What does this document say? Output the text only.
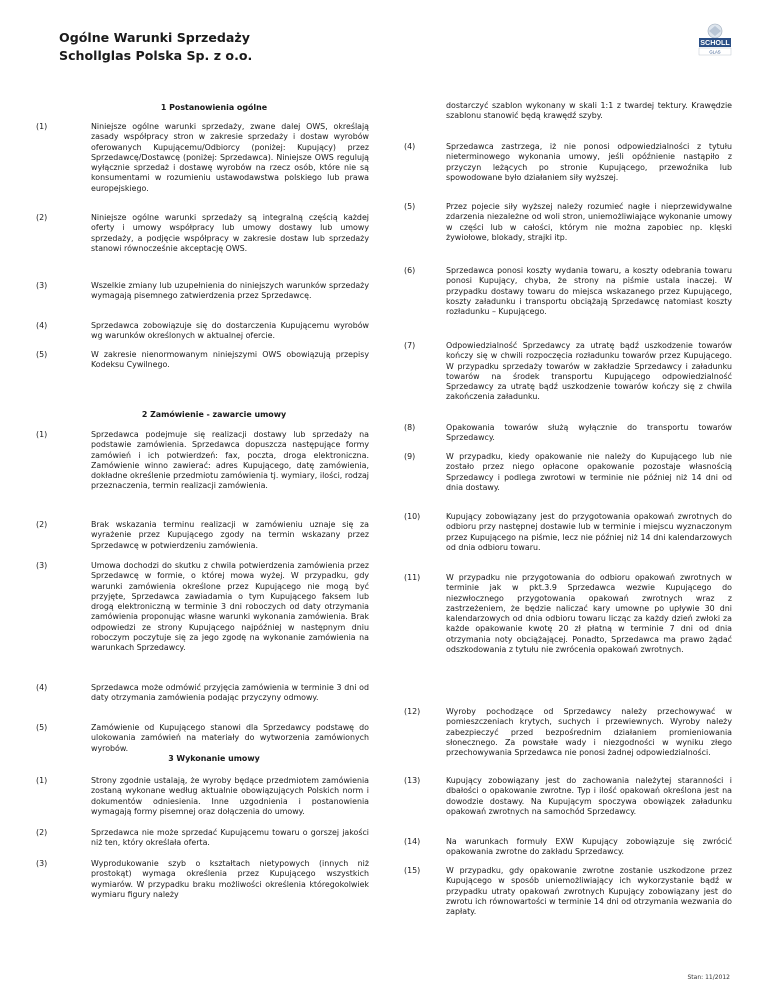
Ogólne Warunki Sprzedaży
Schollglas Polska Sp. z o.o.
SCHOLL
GLAS
1 Postanowienia ogólne
2 Zamówienie - zawarcie umowy
3 Wykonanie umowy
(1)	Niniejsze ogólne warunki sprzedaży, zwane dalej OWS, określają zasady współpracy stron w zakresie sprzedaży i dostaw wyrobów oferowanych Kupującemu/Odbiorcy (poniżej: Kupujący) przez Sprzedawcę/Dostawcę (poniżej: Sprzedawca). Niniejsze OWS regulują wyłącznie sprzedaż i dostawę wyrobów na rzecz osób, które nie są konsumentami w rozumieniu ustawodawstwa polskiego lub prawa europejskiego.
(2)	Niniejsze ogólne warunki sprzedaży są integralną częścią każdej oferty i umowy współpracy lub umowy dostawy lub umowy sprzedaży, a podjęcie współpracy w zakresie dostaw lub sprzedaży stanowi równocześnie akceptację OWS.
(3)	Wszelkie zmiany lub uzupełnienia do niniejszych warunków sprzedaży wymagają pisemnego zatwierdzenia przez Sprzedawcę.
(4)	Sprzedawca zobowiązuje się do dostarczenia Kupującemu wyrobów wg warunków określonych w aktualnej ofercie.
(5)	W zakresie nienormowanym niniejszymi OWS obowiązują przepisy Kodeksu Cywilnego.
(1)	Sprzedawca podejmuje się realizacji dostawy lub sprzedaży na podstawie zamówienia. Sprzedawca dopuszcza następujące formy zamówień i ich potwierdzeń: fax, poczta, droga elektroniczna. Zamówienie winno zawierać: adres Kupującego, datę zamówienia, dokładne określenie przedmiotu zamówienia tj. wymiary, ilości, rodzaj przeznaczenia, termin realizacji zamówienia.
(2)	Brak wskazania terminu realizacji w zamówieniu uznaje się za wyrażenie przez Kupującego zgody na termin wskazany przez Sprzedawcę w potwierdzeniu zamówienia.
(3)	Umowa dochodzi do skutku z chwila potwierdzenia zamówienia przez Sprzedawcę w formie, o której mowa wyżej. W przypadku, gdy warunki zamówienia określone przez Kupującego nie mogą być przyjęte, Sprzedawca zawiadamia o tym Kupującego faksem lub drogą elektroniczną w terminie 3 dni roboczych od daty otrzymania zamówienia proponując własne warunki wykonania zamówienia. Brak odpowiedzi ze strony Kupującego najpóźniej w następnym dniu roboczym poczytuje się za jego zgodę na wykonanie zamówienia na warunkach Sprzedawcy.
(4)	Sprzedawca może odmówić przyjęcia zamówienia w terminie 3 dni od daty otrzymania zamówienia podając przyczyny odmowy.
(5)	Zamówienie od Kupującego stanowi dla Sprzedawcy podstawę do ulokowania zamówień na materiały do wytworzenia zamówionych wyrobów.
(1)	Strony zgodnie ustalają, że wyroby będące przedmiotem zamówienia zostaną wykonane według aktualnie obowiązujących Polskich norm i dokumentów odniesienia. Inne uzgodnienia i postanowienia wymagają formy pisemnej oraz dołączenia do umowy.
(2)	Sprzedawca nie może sprzedać Kupującemu towaru o gorszej jakości niż ten, który określała oferta.
(3)	Wyprodukowanie szyb o kształtach nietypowych (innych niż prostokąt) wymaga określenia przez Kupującego wszystkich wymiarów. W przypadku braku możliwości określenia któregokolwiek wymiaru figury należy
dostarczyć szablon wykonany w skali 1:1 z twardej tektury. Krawędzie szablonu stanowić będą krawędź szyby.
(4)	Sprzedawca zastrzega, iż nie ponosi odpowiedzialności z tytułu nieterminowego wykonania umowy, jeśli opóźnienie nastąpiło z przyczyn leżących po stronie Kupującego, przewoźnika lub spowodowane było działaniem siły wyższej.
(5)	Przez pojecie siły wyższej należy rozumieć nagłe i nieprzewidywalne zdarzenia niezależne od woli stron, uniemożliwiające wykonanie umowy w części lub w całości, którym nie można zapobiec np. klęski żywiołowe, blokady, strajki itp.
(6)	Sprzedawca ponosi koszty wydania towaru, a koszty odebrania towaru ponosi Kupujący, chyba, że strony na piśmie ustala inaczej. W przypadku dostawy towaru do miejsca wskazanego przez Kupującego, koszty załadunku i transportu obciążają Sprzedawcę natomiast koszty rozładunku – Kupującego.
(7)	Odpowiedzialność Sprzedawcy za utratę bądź uszkodzenie towarów kończy się w chwili rozpoczęcia rozładunku towarów przez Kupującego. W przypadku sprzedaży towarów w zakładzie Sprzedawcy i załadunku towarów na środek transportu Kupującego odpowiedzialność Sprzedawcy za utratę bądź uszkodzenie towarów kończy się z chwila zakończenia załadunku.
(8)	Opakowania towarów służą wyłącznie do transportu towarów Sprzedawcy.
(9)	W przypadku, kiedy opakowanie nie należy do Kupującego lub nie zostało przez niego opłacone opakowanie pozostaje własnością Sprzedawcy i podlega zwrotowi w terminie nie później niż 14 dni od dnia dostawy.
(10)	Kupujący zobowiązany jest do przygotowania opakowań zwrotnych do odbioru przy następnej dostawie lub w terminie i miejscu wyznaczonym przez Kupującego na piśmie, lecz nie później niż 14 dni kalendarzowych od dnia odbioru towaru.
(11)	W przypadku nie przygotowania do odbioru opakowań zwrotnych w terminie jak w pkt.3.9 Sprzedawca wezwie Kupującego do niezwłocznego przygotowania opakowań zwrotnych wraz z zastrzeżeniem, że będzie naliczać kary umowne po upływie 30 dni kalendarzowych od dnia odbioru towaru licząc za każdy dzień zwłoki za każde opakowanie kwotę 20 zł płatną w terminie 7 dni od dnia otrzymania noty obciążającej. Ponadto, Sprzedawca ma prawo żądać odszkodowania z tytułu nie zwrócenia opakowań zwrotnych.
(12)	Wyroby pochodzące od Sprzedawcy należy przechowywać w pomieszczeniach krytych, suchych i przewiewnych. Wyroby należy zabezpieczyć przed bezpośrednim działaniem promieniowania słonecznego. Za powstałe wady i niezgodności w wyniku złego przechowywania Sprzedawca nie ponosi żadnej odpowiedzialności.
(13)	Kupujący zobowiązany jest do zachowania należytej staranności i dbałości o opakowanie zwrotne. Typ i ilość opakowań określona jest na dowodzie dostawy. Na Kupującym spoczywa obowiązek załadunku opakowań zwrotnych na samochód Sprzedawcy.
(14)	Na warunkach formuły EXW Kupujący zobowiązuje się zwrócić opakowania zwrotne do zakładu Sprzedawcy.
(15)	W przypadku, gdy opakowanie zwrotne zostanie uszkodzone przez Kupującego w sposób uniemożliwiający ich wykorzystanie bądź w przypadku utraty opakowań zwrotnych Kupujący zobowiązany jest do zwrotu ich równowartości w terminie 14 dni od otrzymania wezwania do zapłaty.
Stan: 11/2012
